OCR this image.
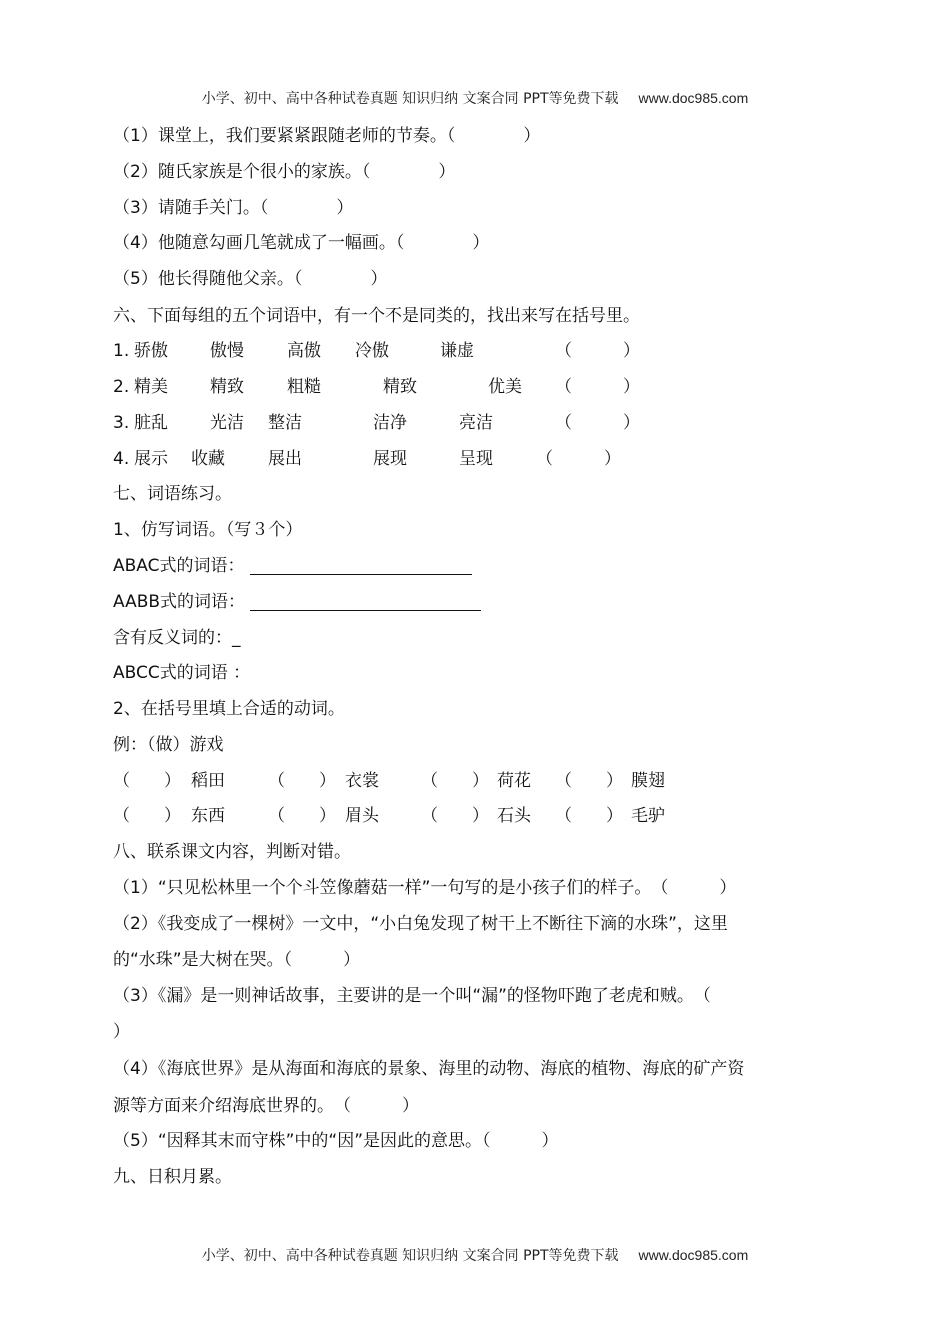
小学、初中、高中各种试卷真题 知识归纳 文案合同 PPT等免费下载 www.doc985.com
（1）课堂上，我们要紧紧跟随老师的节奏。（　　　　）
（2）随氏家族是个很小的家族。（　　　　）
（3）请随手关门。（　　　　）
（4）他随意勾画几笔就成了一幅画。（　　　　）
（5）他长得随他父亲。（　　　　）
六、下面每组的五个词语中，有一个不是同类的，找出来写在括号里。
1. 骄傲 傲慢	高傲 冷傲	谦虚	（　　　）
2. 精美 精致	粗糙	精致	优美 （　　　）
3. 脏乱 光洁 整洁	洁净	亮洁	（　　　）
4. 展示 收藏	展出	展现	呈现	（　　　）
七、词语练习。
1、仿写词语。（写３个）
ABAC式的词语：
AABB式的词语：
含有反义词的：_
ABCC式的词语 ：
2、在括号里填上合适的动词。
例：（做）游戏
（　　） 稻田	（　　） 衣裳 （　　） 荷花 （　　） 膜翅
（　　） 东西	（　　） 眉头 （　　） 石头 （　　） 毛驴
八、联系课文内容，判断对错。
（1）“只见松林里一个个斗笠像蘑菇一样”一句写的是小孩子们的样子。　（　　　）
（2）《我变成了一棵树》一文中，“小白兔发现了树干上不断往下滴的水珠”，这里
的“水珠”是大树在哭。（　　　）
（3）《漏》是一则神话故事，主要讲的是一个叫“漏”的怪物吓跑了老虎和贼。　（
）
（4）《海底世界》是从海面和海底的景象、海里的动物、海底的植物、海底的矿产资
源等方面来介绍海底世界的。　（　　　）
（5）“因释其末而守株”中的“因”是因此的意思。（　　　）
九、日积月累。
小学、初中、高中各种试卷真题 知识归纳 文案合同 PPT等免费下载 www.doc985.com
